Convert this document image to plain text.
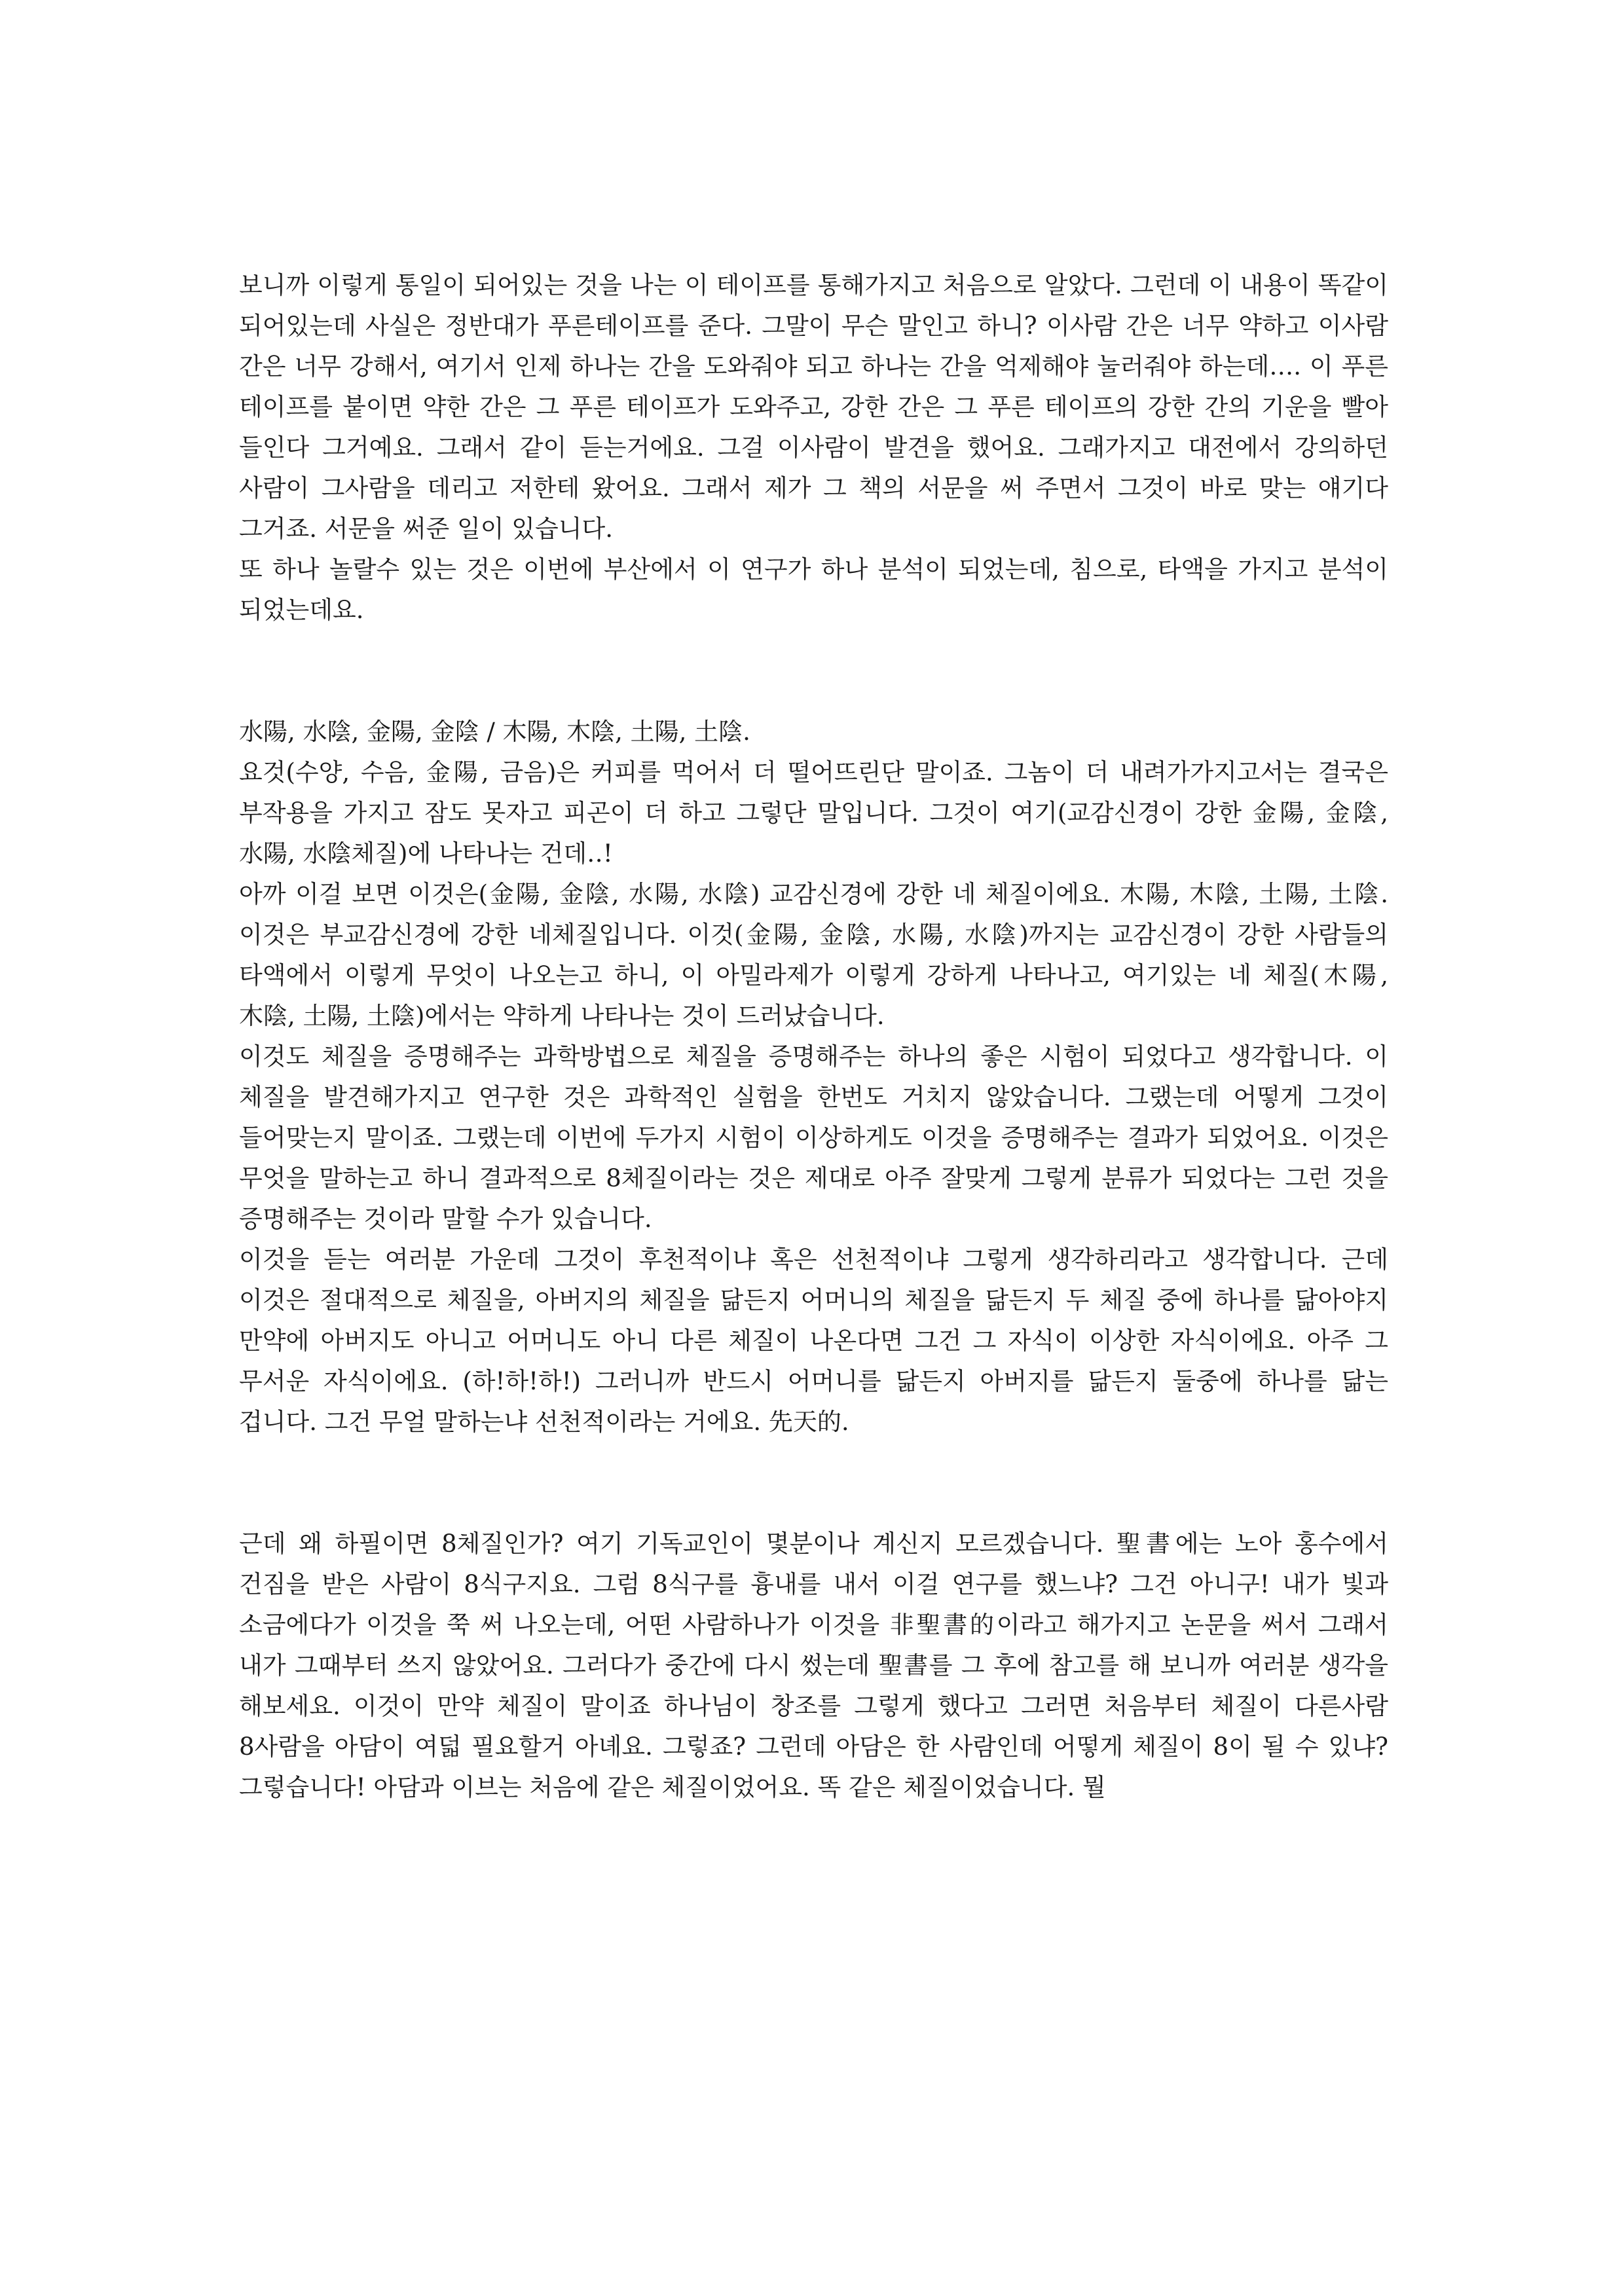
보니까 이렇게 통일이 되어있는 것을 나는 이 테이프를 통해가지고 처음으로 알았다. 그런데 이 내용이 똑같이 되어있는데 사실은 정반대가 푸른테이프를 준다. 그말이 무슨 말인고 하니? 이사람 간은 너무 약하고 이사람 간은 너무 강해서, 여기서 인제 하나는 간을 도와줘야 되고 하나는 간을 억제해야 눌러줘야 하는데…. 이 푸른 테이프를 붙이면 약한 간은 그 푸른 테이프가 도와주고, 강한 간은 그 푸른 테이프의 강한 간의 기운을 빨아 들인다 그거예요. 그래서 같이 듣는거에요. 그걸 이사람이 발견을 했어요. 그래가지고 대전에서 강의하던 사람이 그사람을 데리고 저한테 왔어요. 그래서 제가 그 책의 서문을 써 주면서 그것이 바로 맞는 얘기다 그거죠. 서문을 써준 일이 있습니다.

또 하나 놀랄수 있는 것은 이번에 부산에서 이 연구가 하나 분석이 되었는데, 침으로, 타액을 가지고 분석이 되었는데요.

水陽, 水陰, 金陽, 金陰 / 木陽, 木陰, 土陽, 土陰.

요것(수양, 수음, 金陽, 금음)은 커피를 먹어서 더 떨어뜨린단 말이죠. 그놈이 더 내려가가지고서는 결국은 부작용을 가지고 잠도 못자고 피곤이 더 하고 그렇단 말입니다. 그것이 여기(교감신경이 강한 金陽, 金陰, 水陽, 水陰체질)에 나타나는 건데‥!

아까 이걸 보면 이것은(金陽, 金陰, 水陽, 水陰) 교감신경에 강한 네 체질이에요. 木陽, 木陰, 土陽, 土陰. 이것은 부교감신경에 강한 네체질입니다. 이것(金陽, 金陰, 水陽, 水陰)까지는 교감신경이 강한 사람들의 타액에서 이렇게 무엇이 나오는고 하니, 이 아밀라제가 이렇게 강하게 나타나고, 여기있는 네 체질(木陽, 木陰, 土陽, 土陰)에서는 약하게 나타나는 것이 드러났습니다.

이것도 체질을 증명해주는 과학방법으로 체질을 증명해주는 하나의 좋은 시험이 되었다고 생각합니다. 이 체질을 발견해가지고 연구한 것은 과학적인 실험을 한번도 거치지 않았습니다. 그랬는데 어떻게 그것이 들어맞는지 말이죠. 그랬는데 이번에 두가지 시험이 이상하게도 이것을 증명해주는 결과가 되었어요. 이것은 무엇을 말하는고 하니 결과적으로 8체질이라는 것은 제대로 아주 잘맞게 그렇게 분류가 되었다는 그런 것을 증명해주는 것이라 말할 수가 있습니다.

이것을 듣는 여러분 가운데 그것이 후천적이냐 혹은 선천적이냐 그렇게 생각하리라고 생각합니다. 근데 이것은 절대적으로 체질을, 아버지의 체질을 닮든지 어머니의 체질을 닮든지 두 체질 중에 하나를 닮아야지 만약에 아버지도 아니고 어머니도 아니 다른 체질이 나온다면 그건 그 자식이 이상한 자식이에요. 아주 그 무서운 자식이에요. (하!하!하!) 그러니까 반드시 어머니를 닮든지 아버지를 닮든지 둘중에 하나를 닮는 겁니다. 그건 무얼 말하는냐 선천적이라는 거에요. 先天的.

근데 왜 하필이면 8체질인가? 여기 기독교인이 몇분이나 계신지 모르겠습니다. 聖書에는 노아 홍수에서 건짐을 받은 사람이 8식구지요. 그럼 8식구를 흉내를 내서 이걸 연구를 했느냐? 그건 아니구! 내가 빛과 소금에다가 이것을 쭉 써 나오는데, 어떤 사람하나가 이것을 非聖書的이라고 해가지고 논문을 써서 그래서 내가 그때부터 쓰지 않았어요. 그러다가 중간에 다시 썼는데 聖書를 그 후에 참고를 해 보니까 여러분 생각을 해보세요. 이것이 만약 체질이 말이죠 하나님이 창조를 그렇게 했다고 그러면 처음부터 체질이 다른사람 8사람을 아담이 여덟 필요할거 아녜요. 그렇죠? 그런데 아담은 한 사람인데 어떻게 체질이 8이 될 수 있냐? 그렇습니다! 아담과 이브는 처음에 같은 체질이었어요. 똑 같은 체질이었습니다. 뭘
